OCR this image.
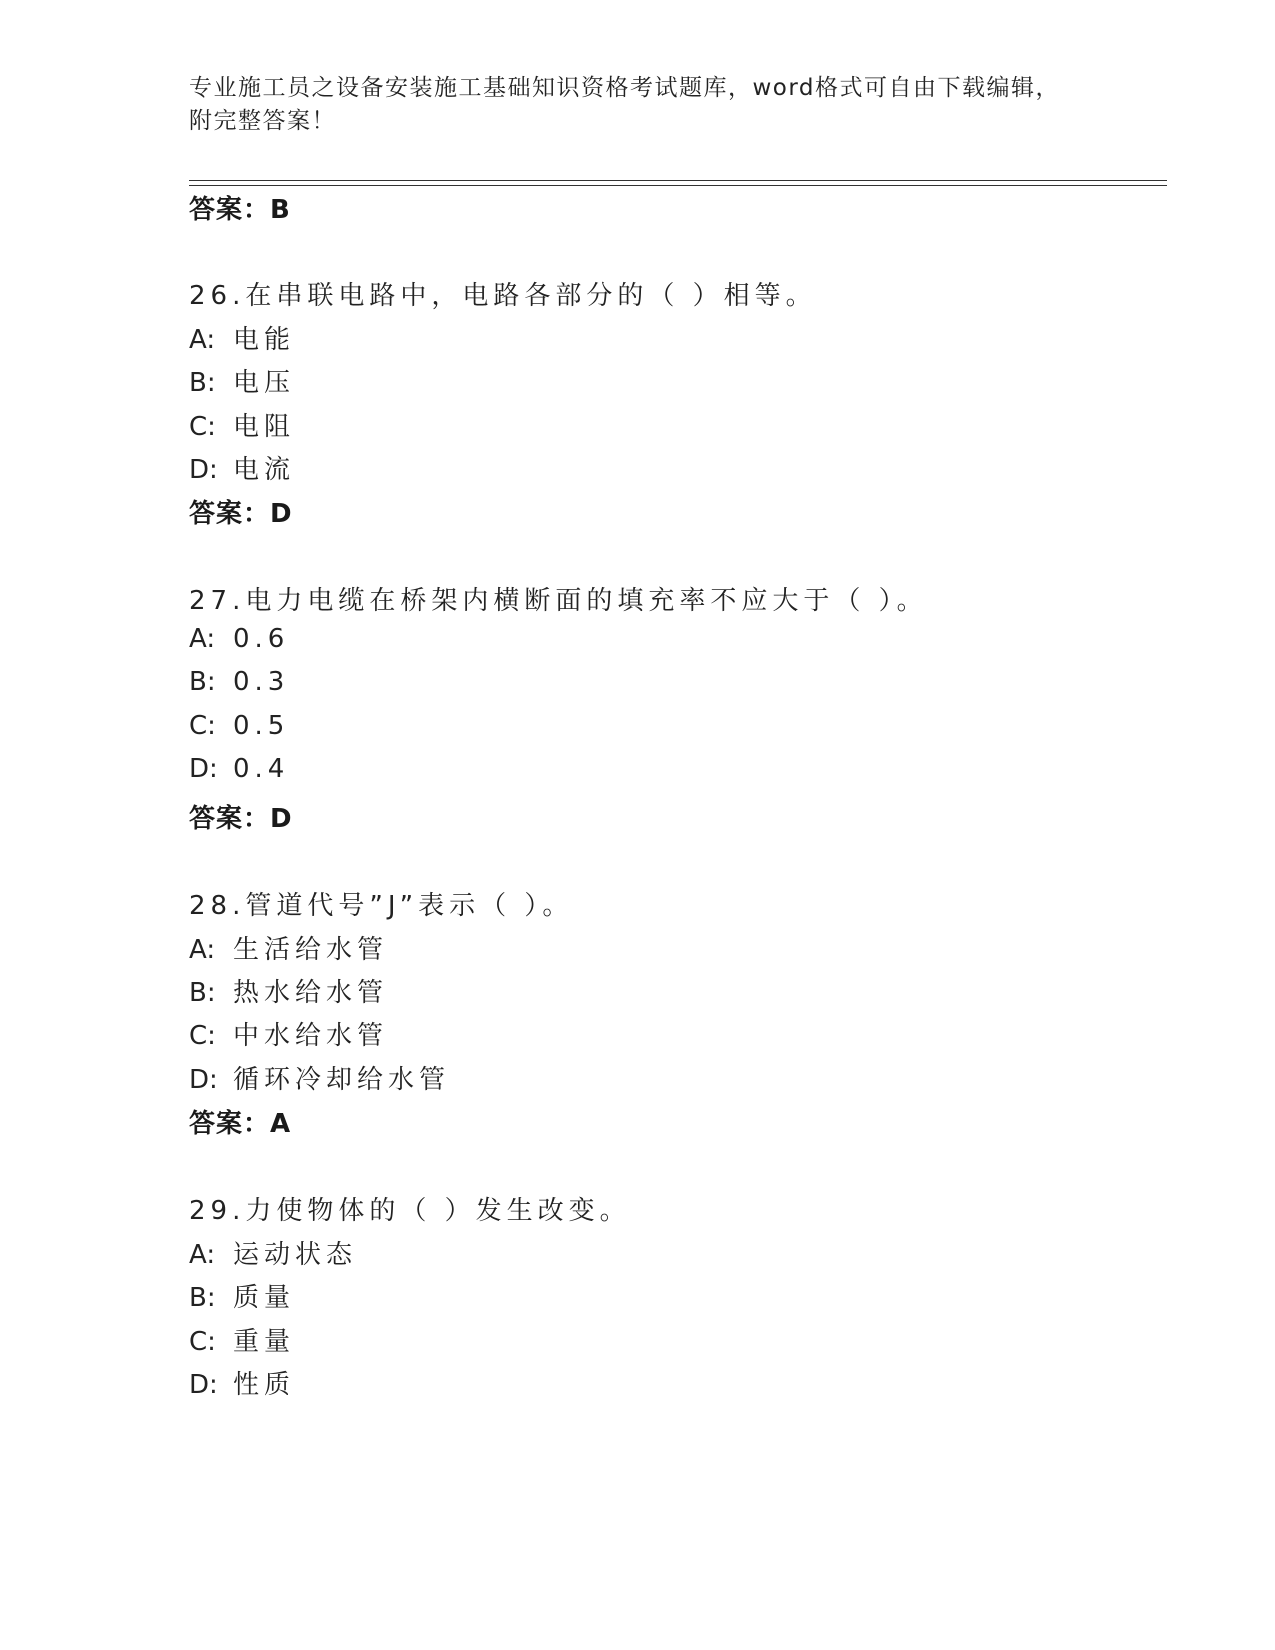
专业施工员之设备安装施工基础知识资格考试题库，word格式可自由下载编辑，
附完整答案！
答案：B
26.在串联电路中，电路各部分的（ ）相等。
A: 电能
B: 电压
C: 电阻
D: 电流
答案：D
27.电力电缆在桥架内横断面的填充率不应大于（ ）。
A: 0.6
B: 0.3
C: 0.5
D: 0.4
答案：D
28.管道代号”J”表示（ ）。
A: 生活给水管
B: 热水给水管
C: 中水给水管
D: 循环冷却给水管
答案：A
29.力使物体的（ ）发生改变。
A: 运动状态
B: 质量
C: 重量
D: 性质
